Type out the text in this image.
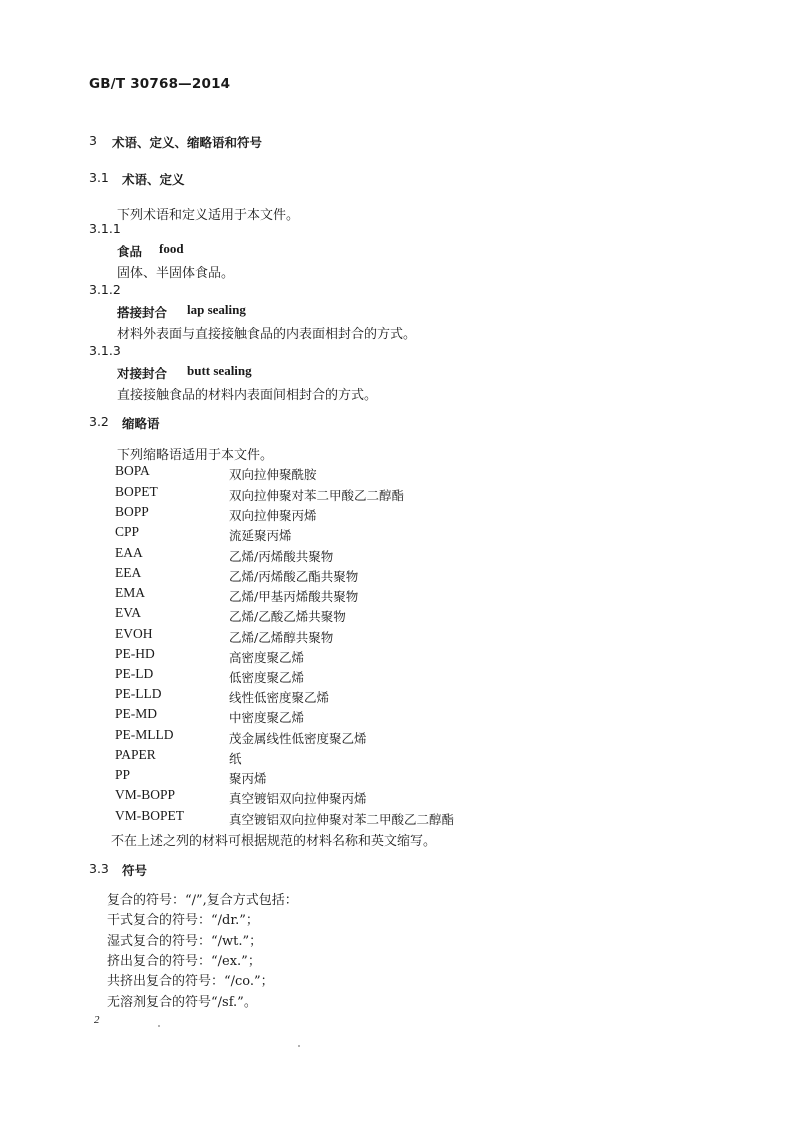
GB/T 30768—2014
3 术语、定义、缩略语和符号
3.1 术语、定义
下列术语和定义适用于本文件。
3.1.1
食品 food
固体、半固体食品。
3.1.2
搭接封合 lap sealing
材料外表面与直接接触食品的内表面相封合的方式。
3.1.3
对接封合 butt sealing
直接接触食品的材料内表面间相封合的方式。
3.2 缩略语
下列缩略语适用于本文件。
BOPA	双向拉伸聚酰胺
BOPET	双向拉伸聚对苯二甲酸乙二醇酯
BOPP	双向拉伸聚丙烯
CPP	流延聚丙烯
EAA	乙烯/丙烯酸共聚物
EEA	乙烯/丙烯酸乙酯共聚物
EMA	乙烯/甲基丙烯酸共聚物
EVA	乙烯/乙酸乙烯共聚物
EVOH	乙烯/乙烯醇共聚物
PE-HD	高密度聚乙烯
PE-LD	低密度聚乙烯
PE-LLD	线性低密度聚乙烯
PE-MD	中密度聚乙烯
PE-MLLD	茂金属线性低密度聚乙烯
PAPER	纸
PP	聚丙烯
VM-BOPP	真空镀铝双向拉伸聚丙烯
VM-BOPET	真空镀铝双向拉伸聚对苯二甲酸乙二醇酯
不在上述之列的材料可根据规范的材料名称和英文缩写。
3.3 符号
复合的符号：“/”,复合方式包括：
干式复合的符号：“/dr.”；
湿式复合的符号：“/wt.”；
挤出复合的符号：“/ex.”；
共挤出复合的符号：“/co.”；
无溶剂复合的符号“/sf.”。
2
